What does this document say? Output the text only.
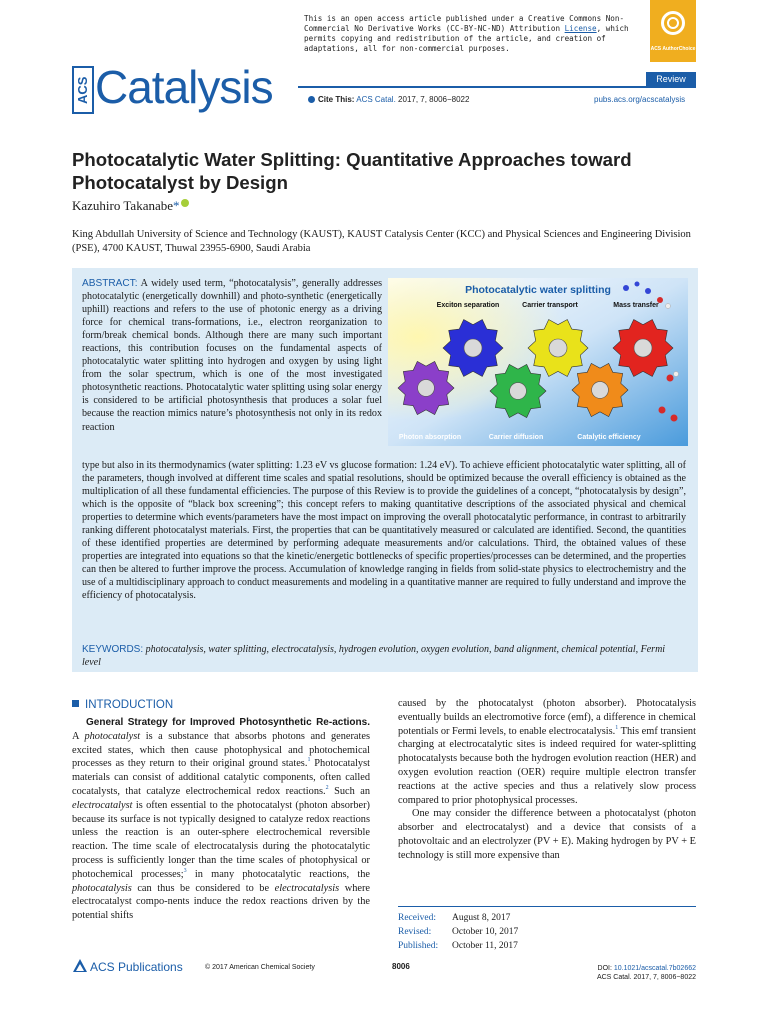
This is an open access article published under a Creative Commons Non-Commercial No Derivative Works (CC-BY-NC-ND) Attribution License, which permits copying and redistribution of the article, and creation of adaptations, all for non-commercial purposes.	ACS AuthorChoice
ACS Catalysis	Review
Cite This: ACS Catal. 2017, 7, 8006−8022	pubs.acs.org/acscatalysis
Photocatalytic Water Splitting: Quantitative Approaches toward Photocatalyst by Design
Kazuhiro Takanabe*
King Abdullah University of Science and Technology (KAUST), KAUST Catalysis Center (KCC) and Physical Sciences and Engineering Division (PSE), 4700 KAUST, Thuwal 23955-6900, Saudi Arabia
ABSTRACT: A widely used term, “photocatalysis”, generally addresses photocatalytic (energetically downhill) and photo-synthetic (energetically uphill) reactions and refers to the use of photonic energy as a driving force for chemical trans-formations, i.e., electron reorganization to form/break chemical bonds. Although there are many such important reactions, this contribution focuses on the fundamental aspects of photocatalytic water splitting into hydrogen and oxygen by using light from the solar spectrum, which is one of the most investigated photosynthetic reactions. Photocatalytic water splitting using solar energy is considered to be artificial photosynthesis that produces a solar fuel because the reaction mimics nature’s photosynthesis not only in its redox reaction
Photocatalytic water splitting
Exciton separation	Carrier transport	Mass transfer
Photon absorption	Carrier diffusion	Catalytic efficiency
type but also in its thermodynamics (water splitting: 1.23 eV vs glucose formation: 1.24 eV). To achieve efficient photocatalytic water splitting, all of the parameters, though involved at different time scales and spatial resolutions, should be optimized because the overall efficiency is obtained as the multiplication of all these fundamental efficiencies. The purpose of this Review is to provide the guidelines of a concept, “photocatalysis by design”, which is the opposite of “black box screening”; this concept refers to making quantitative descriptions of the associated physical and chemical properties to determine which events/parameters have the most impact on improving the overall photocatalytic performance, in contrast to arbitrarily ranking different photocatalyst materials. First, the properties that can be quantitatively measured or calculated are identified. Second, the quantities of these identified properties are determined by performing adequate measurements and/or calculations. Third, the obtained values of these properties are integrated into equations so that the kinetic/energetic bottlenecks of specific properties/processes can be determined, and the properties can then be altered to further improve the process. Accumulation of knowledge ranging in fields from solid-state physics to electrochemistry and the use of a multidisciplinary approach to conduct measurements and modeling in a quantitative manner are required to fully understand and improve the efficiency of photocatalysis.
KEYWORDS: photocatalysis, water splitting, electrocatalysis, hydrogen evolution, oxygen evolution, band alignment, chemical potential, Fermi level
INTRODUCTION

General Strategy for Improved Photosynthetic Re-actions. A photocatalyst is a substance that absorbs photons and generates excited states, which then cause photophysical and photochemical processes as they return to their original ground states.$^1$ Photocatalyst materials can consist of additional catalytic components, often called cocatalysts, that catalyze electrochemical redox reactions.$^2$ Such an electrocatalyst is often essential to the photocatalyst (photon absorber) because its surface is not typically designed to catalyze redox reactions unless the reaction is an outer-sphere electrochemical reversible reaction. The time scale of electrocatalysis during the photocatalytic process is sufficiently longer than the time scales of photophysical or photochemical processes;$^3$ in many photocatalytic reactions, the photocatalysis can thus be considered to be electrocatalysis where electrocatalyst compo-nents induce the redox reactions driven by the potential shifts

caused by the photocatalyst (photon absorber). Photocatalysis eventually builds an electromotive force (emf), a difference in chemical potentials or Fermi levels, to enable electrocatalysis.$^1$ This emf transient charging at electrocatalytic sites is indeed required for water-splitting photocatalysts because both the hydrogen evolution reaction (HER) and oxygen evolution reaction (OER) require multiple electron transfer reactions at the active species and thus a relatively slow process compared to prior photophysical processes.

One may consider the difference between a photocatalyst (photon absorber and electrocatalyst) and a device that consists of a photovoltaic and an electrolyzer (PV + E). Making hydrogen by PV + E technology is still more expensive than

Received:	August 8, 2017
Revised:	October 10, 2017
Published:	October 11, 2017
ACS Publications	© 2017 American Chemical Society	8006	DOI: 10.1021/acscatal.7b02662
ACS Catal. 2017, 7, 8006−8022
